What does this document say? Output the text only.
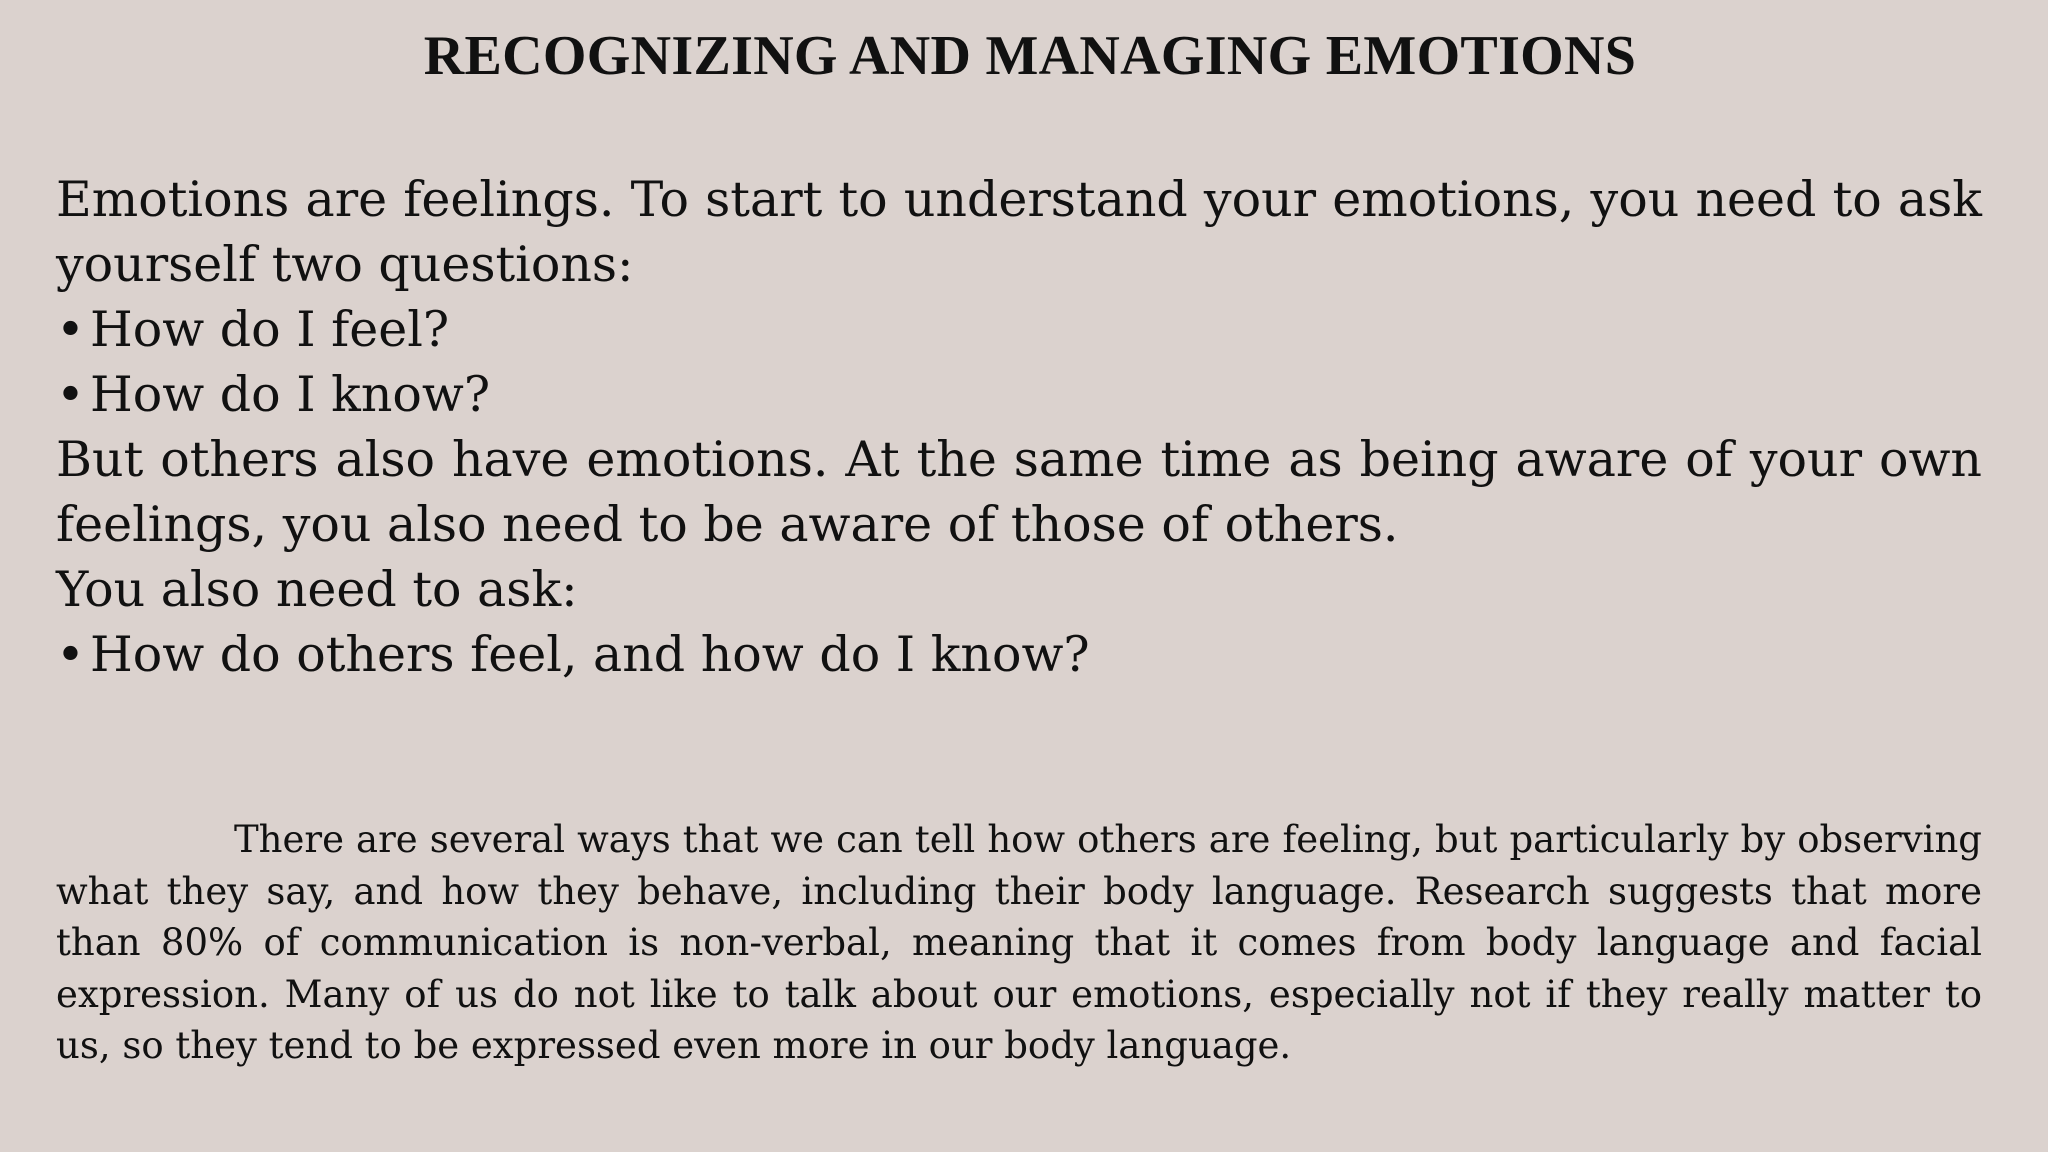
RECOGNIZING AND MANAGING EMOTIONS

Emotions are feelings. To start to understand your emotions, you need to ask yourself two questions:

• How do I feel?

• How do I know?

But others also have emotions. At the same time as being aware of your own feelings, you also need to be aware of those of others.

You also need to ask:

• How do others feel, and how do I know?

There are several ways that we can tell how others are feeling, but particularly by observing what they say, and how they behave, including their body language. Research suggests that more than 80% of communication is non-verbal, meaning that it comes from body language and facial expression. Many of us do not like to talk about our emotions, especially not if they really matter to us, so they tend to be expressed even more in our body language.
